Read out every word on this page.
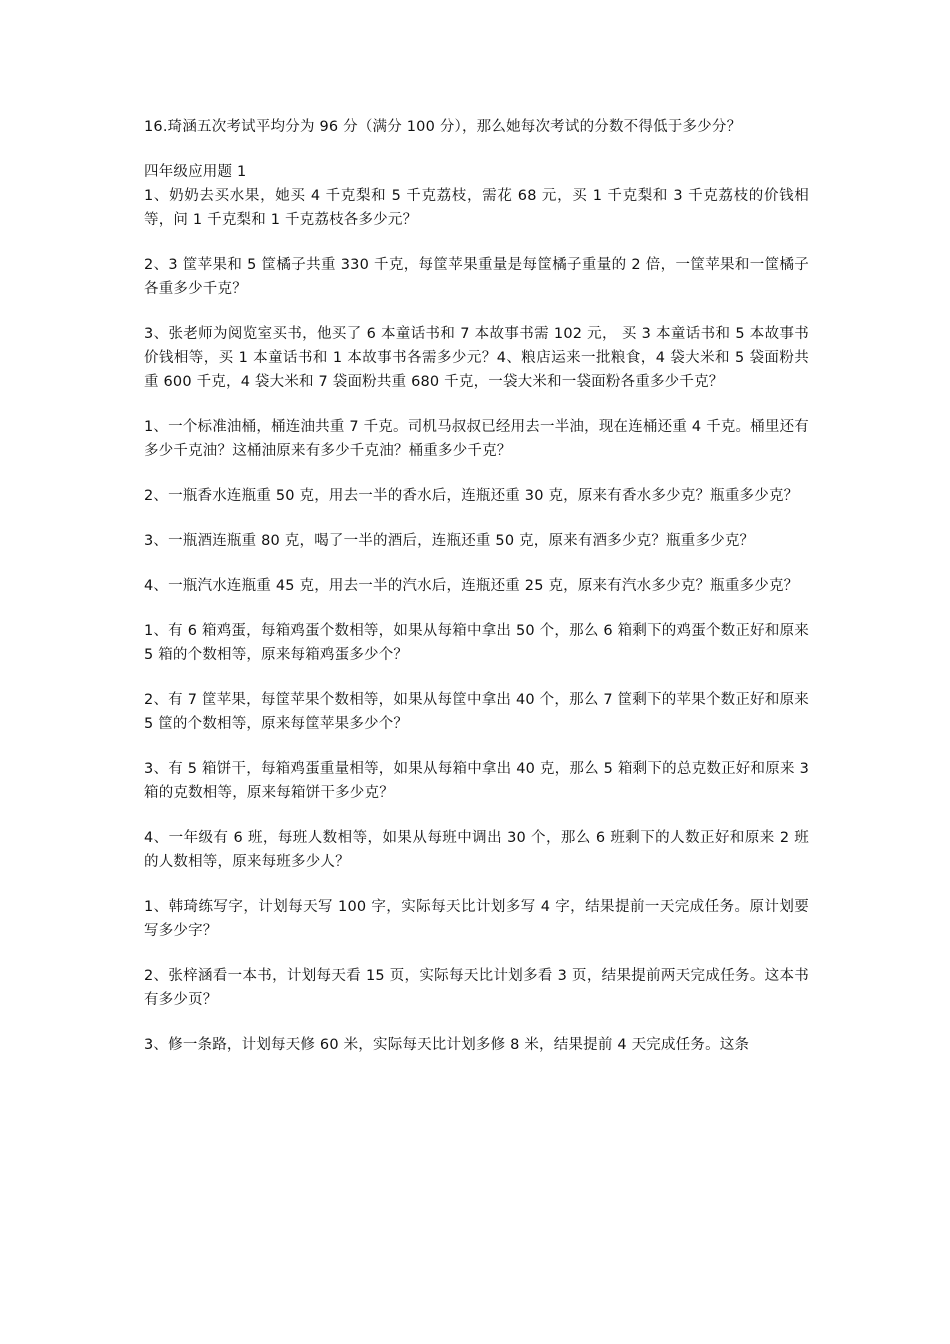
16.琦涵五次考试平均分为 96 分（满分 100 分），那么她每次考试的分数不得低于多少分？

四年级应用题 1

1、奶奶去买水果，她买 4 千克梨和 5 千克荔枝，需花 68 元，买 1 千克梨和 3 千克荔枝的价钱相等，问 1 千克梨和 1 千克荔枝各多少元？

2、3 筐苹果和 5 筐橘子共重 330 千克，每筐苹果重量是每筐橘子重量的 2 倍，一筐苹果和一筐橘子各重多少千克？

3、张老师为阅览室买书，他买了 6 本童话书和 7 本故事书需 102 元， 买 3 本童话书和 5 本故事书价钱相等，买 1 本童话书和 1 本故事书各需多少元？4、粮店运来一批粮食，4 袋大米和 5 袋面粉共重 600 千克，4 袋大米和 7 袋面粉共重 680 千克，一袋大米和一袋面粉各重多少千克？

1、一个标准油桶，桶连油共重 7 千克。司机马叔叔已经用去一半油，现在连桶还重 4 千克。桶里还有多少千克油？这桶油原来有多少千克油？桶重多少千克？

2、一瓶香水连瓶重 50 克，用去一半的香水后，连瓶还重 30 克，原来有香水多少克？瓶重多少克？

3、一瓶酒连瓶重 80 克，喝了一半的酒后，连瓶还重 50 克，原来有酒多少克？瓶重多少克？

4、一瓶汽水连瓶重 45 克，用去一半的汽水后，连瓶还重 25 克，原来有汽水多少克？瓶重多少克？

1、有 6 箱鸡蛋，每箱鸡蛋个数相等，如果从每箱中拿出 50 个，那么 6 箱剩下的鸡蛋个数正好和原来 5 箱的个数相等，原来每箱鸡蛋多少个？

2、有 7 筐苹果，每筐苹果个数相等，如果从每筐中拿出 40 个，那么 7 筐剩下的苹果个数正好和原来 5 筐的个数相等，原来每筐苹果多少个？

3、有 5 箱饼干，每箱鸡蛋重量相等，如果从每箱中拿出 40 克，那么 5 箱剩下的总克数正好和原来 3 箱的克数相等，原来每箱饼干多少克？

4、一年级有 6 班，每班人数相等，如果从每班中调出 30 个，那么 6 班剩下的人数正好和原来 2 班的人数相等，原来每班多少人？

1、韩琦练写字，计划每天写 100 字，实际每天比计划多写 4 字，结果提前一天完成任务。原计划要写多少字？

2、张梓涵看一本书，计划每天看 15 页，实际每天比计划多看 3 页，结果提前两天完成任务。这本书有多少页？

3、修一条路，计划每天修 60 米，实际每天比计划多修 8 米，结果提前 4 天完成任务。这条
